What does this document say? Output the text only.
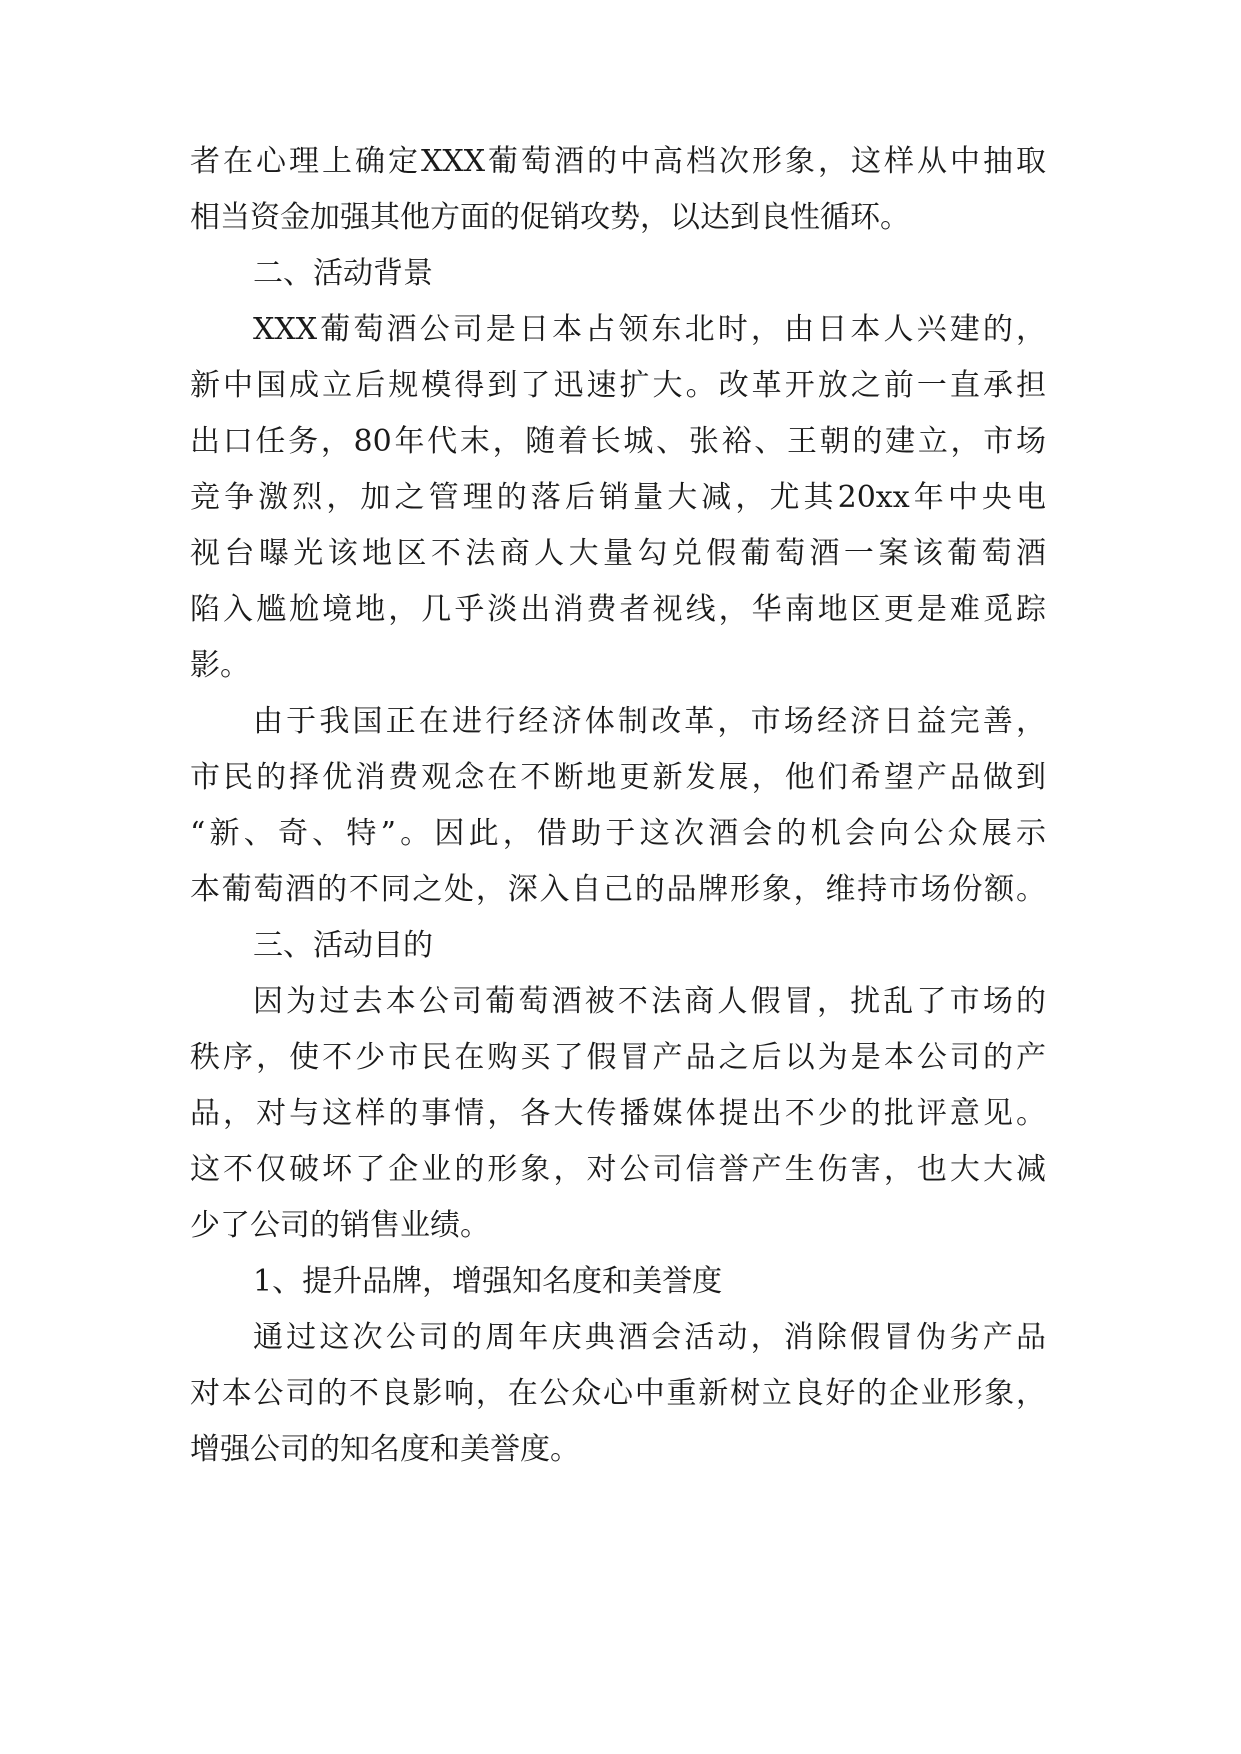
者在心理上确定XXX葡萄酒的中高档次形象，这样从中抽取

相当资金加强其他方面的促销攻势，以达到良性循环。

二、活动背景

XXX葡萄酒公司是日本占领东北时，由日本人兴建的，

新中国成立后规模得到了迅速扩大。改革开放之前一直承担

出口任务，80年代末，随着长城、张裕、王朝的建立，市场

竞争激烈，加之管理的落后销量大减，尤其20xx年中央电

视台曝光该地区不法商人大量勾兑假葡萄酒一案该葡萄酒

陷入尴尬境地，几乎淡出消费者视线，华南地区更是难觅踪

影。

由于我国正在进行经济体制改革，市场经济日益完善，

市民的择优消费观念在不断地更新发展，他们希望产品做到

“新、奇、特”。因此，借助于这次酒会的机会向公众展示

本葡萄酒的不同之处，深入自己的品牌形象，维持市场份额。

三、活动目的

因为过去本公司葡萄酒被不法商人假冒，扰乱了市场的

秩序，使不少市民在购买了假冒产品之后以为是本公司的产

品，对与这样的事情，各大传播媒体提出不少的批评意见。

这不仅破坏了企业的形象，对公司信誉产生伤害，也大大减

少了公司的销售业绩。

1、提升品牌，增强知名度和美誉度

通过这次公司的周年庆典酒会活动，消除假冒伪劣产品

对本公司的不良影响，在公众心中重新树立良好的企业形象，

增强公司的知名度和美誉度。
